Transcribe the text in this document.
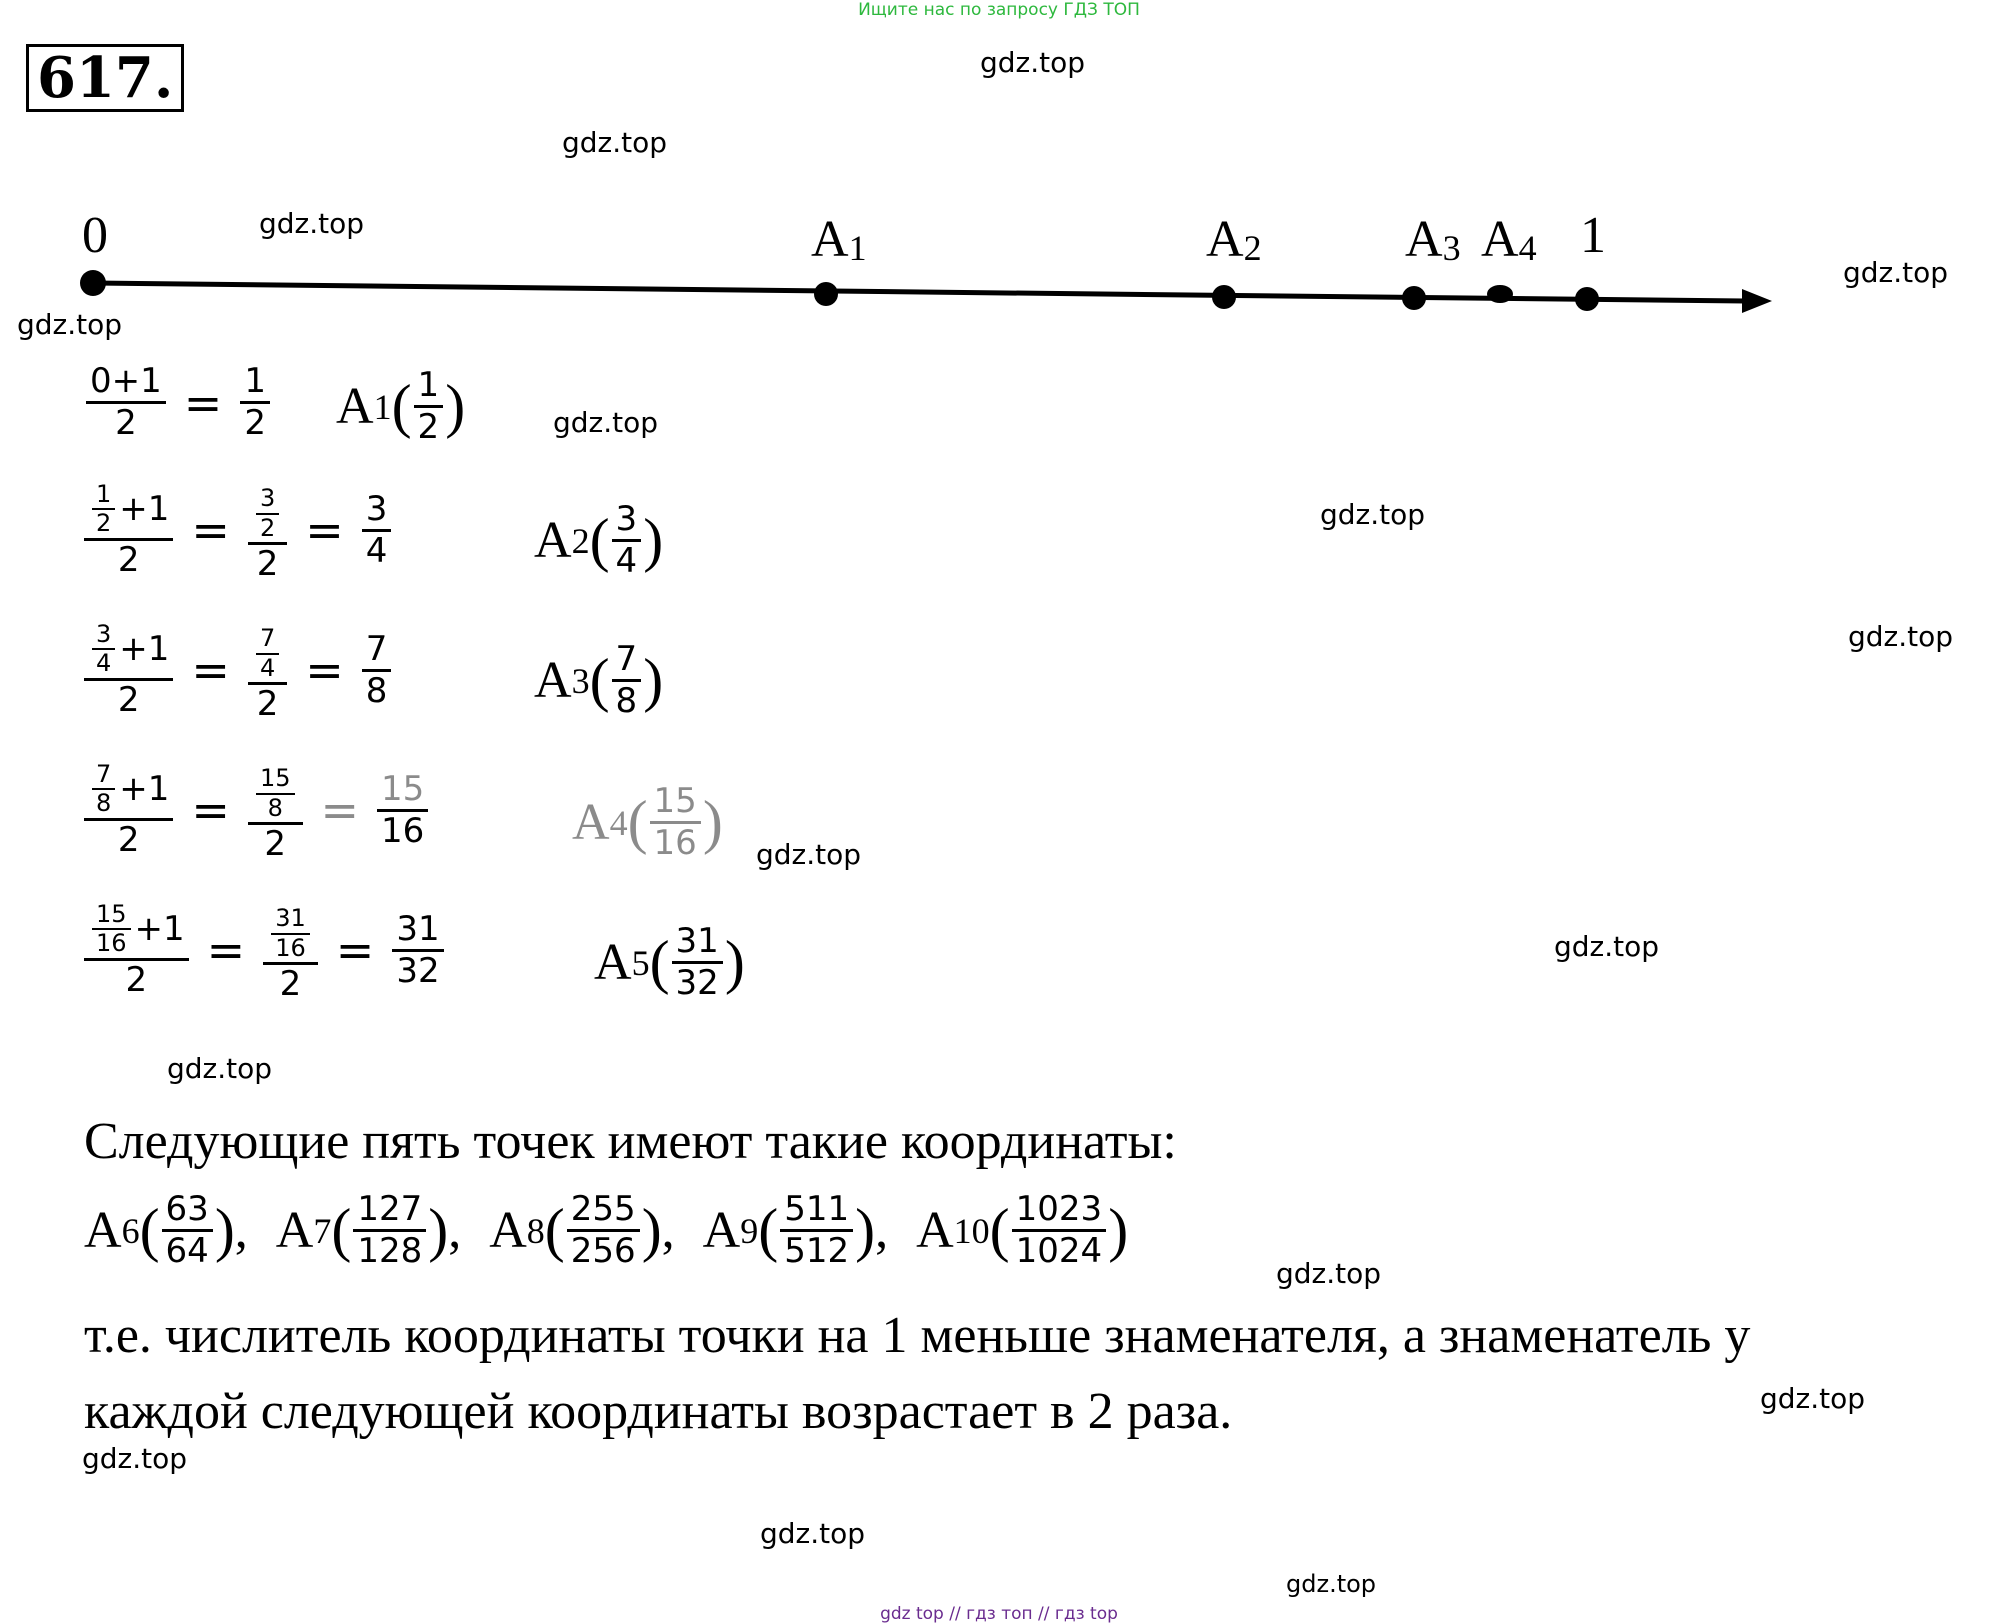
Ищите нас по запросу ГДЗ ТОП
617.
0	$A_1$	$A_2$	$A_3$ $A_4$ 1
$\frac{0+1}{2} = \frac{1}{2}$ A 1 ( $\frac{1}{2}$ )
$\frac{\frac{1}{2} +1}{2} = \frac{\frac{3}{2}}{2} = \frac{3}{4}$	A 2 ( $\frac{3}{4}$ )
$\frac{\frac{3}{4} +1}{2} = \frac{\frac{7}{4}}{2} = \frac{7}{8}$	A 3 ( $\frac{7}{8}$ )
$\frac{\frac{7}{8} +1}{2} = \frac{\frac{15}{8}}{2} = \frac{15}{16}$	A 4 ( $\frac{15}{16}$ )
$\frac{\frac{15}{16} +1}{2} = \frac{\frac{31}{16}}{2} = \frac{31}{32}$	A 5 ( $\frac{31}{32}$ )
Следующие пять точек имеют такие координаты:
A 6 ( $\frac{63}{64}$ ) , A 7 ( $\frac{127}{128}$ ) , A 8 ( $\frac{255}{256}$ ) , A 9 ( $\frac{511}{512}$ ) , A 10 ( $\frac{1023}{1024}$ )
т.е. числитель координаты точки на 1 меньше знаменателя, а знаменатель у
каждой следующей координаты возрастает в 2 раза.
gdz.top
gdz.top
gdz.top
gdz.top
gdz.top
gdz.top
gdz.top
gdz.top
gdz.top
gdz.top
gdz.top
gdz.top
gdz.top
gdz.top
gdz.top
gdz.top
gdz top // гдз топ // гдз top
